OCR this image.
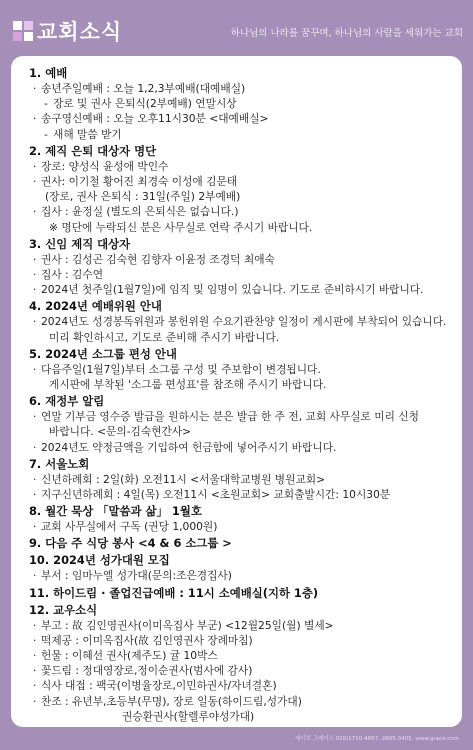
교회소식	하나님의 나라를 꿈꾸며, 하나님의 사람을 세워가는 교회
1. 예배
· 송년주일예배 : 오늘 1,2,3부예배(대예배실)
- 장로 및 권사 은퇴식(2부예배) 연말시상
· 송구영신예배 : 오늘 오후11시30분 <대예배실>
- 새해 말씀 받기
2. 제직 은퇴 대상자 명단
· 장로: 양성식 윤성애 박인수
· 권사: 이기철 황어진 최경숙 이성애 김문태
(장로, 권사 은퇴식 : 31일(주일) 2부예배)
· 집사 : 윤정실 (별도의 은퇴식은 없습니다.)
※ 명단에 누락되신 분은 사무실로 연락 주시기 바랍니다.
3. 신임 제직 대상자
· 권사 : 김성곤 김숙현 김향자 이윤정 조경덕 최애숙
· 집사 : 김수연
· 2024년 첫주일(1월7일)에 임직 및 임명이 있습니다. 기도로 준비하시기 바랍니다.
4. 2024년 예배위원 안내
· 2024년도 성경봉독위원과 봉헌위원 수요기관찬양 일정이 게시판에 부착되어 있습니다.
미리 확인하시고, 기도로 준비해 주시기 바랍니다.
5. 2024년 소그룹 편성 안내
· 다음주일(1월7일)부터 소그룹 구성 및 주보함이 변경됩니다.
게시판에 부착된 '소그룹 편성표'를 참조해 주시기 바랍니다.
6. 재정부 알림
· 연말 기부금 영수증 발급을 원하시는 분은 발급 한 주 전, 교회 사무실로 미리 신청
바랍니다. <문의-김숙현간사>
· 2024년도 약정금액을 기입하여 헌금함에 넣어주시기 바랍니다.
7. 서울노회
· 신년하례회 : 2일(화) 오전11시 <서울대학교병원 병원교회>
· 지구신년하례회 : 4일(목) 오전11시 <초원교회> 교회출발시간: 10시30분
8. 월간 묵상 「말씀과 삶」 1월호
· 교회 사무실에서 구독 (권당 1,000원)
9. 다음 주 식당 봉사 <4 & 6 소그룹 >
10. 2024년 성가대원 모집
· 부서 : 임마누엘 성가대(문의:조은경집사)
11. 하이드림 · 졸업진급예배 : 11시 소예배실(지하 1층)
12. 교우소식
· 부고 : 故 김인영권사(이미옥집사 부군) <12월25일(월) 별세>
· 떡제공 : 이미옥집사(故 김인영권사 장례마침)
· 헌물 : 이혜선 권사(제주도) 귤 10박스
· 꽃드림 : 정대영장로,정이순권사(범사에 감사)
· 식사 대접 : 팩국(이병율장로,이민하권사/자녀결혼)
· 찬조 : 유년부,초등부(무명), 장로 일동(하이드림,성가대)
권승환권사(할렐루야성가대)
세이브 그레이스 020)1710-4867, 2665-3405, www.grace.com
